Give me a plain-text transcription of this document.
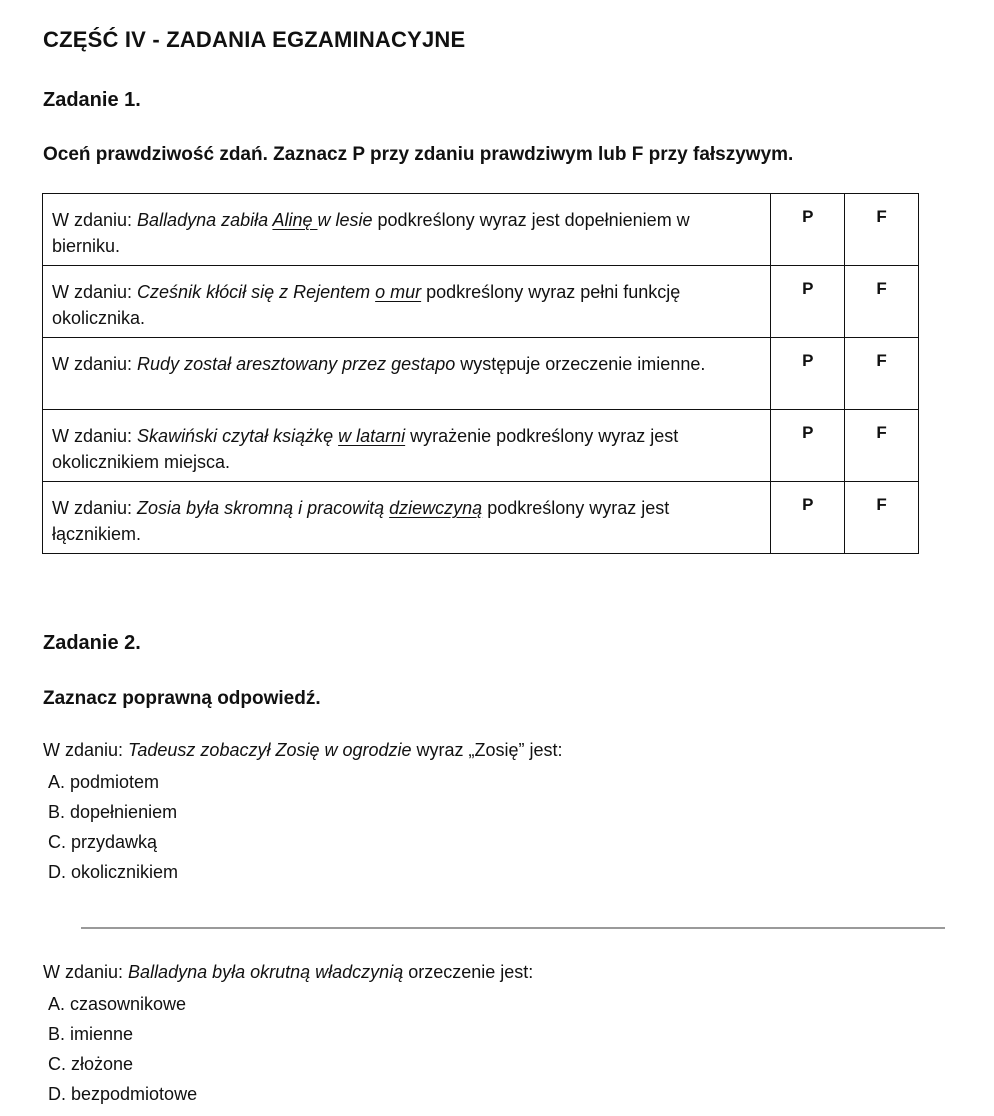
CZĘŚĆ IV - ZADANIA EGZAMINACYJNE
Zadanie 1.
Oceń prawdziwość zdań. Zaznacz P przy zdaniu prawdziwym lub F przy fałszywym.
W zdaniu: Balladyna zabiła Alinę w lesie podkreślony wyraz jest dopełnieniem w bierniku.	P	F
W zdaniu: Cześnik kłócił się z Rejentem o mur podkreślony wyraz pełni funkcję okolicznika.	P	F
W zdaniu: Rudy został aresztowany przez gestapo występuje orzeczenie imienne.	P	F
W zdaniu: Skawiński czytał książkę w latarni wyrażenie podkreślony wyraz jest okolicznikiem miejsca.	P	F
W zdaniu: Zosia była skromną i pracowitą dziewczyną podkreślony wyraz jest łącznikiem.	P	F
Zadanie 2.
Zaznacz poprawną odpowiedź.
W zdaniu: Tadeusz zobaczył Zosię w ogrodzie wyraz „Zosię” jest:
A. podmiotem
B. dopełnieniem
C. przydawką
D. okolicznikiem
W zdaniu: Balladyna była okrutną władczynią orzeczenie jest:
A. czasownikowe
B. imienne
C. złożone
D. bezpodmiotowe
